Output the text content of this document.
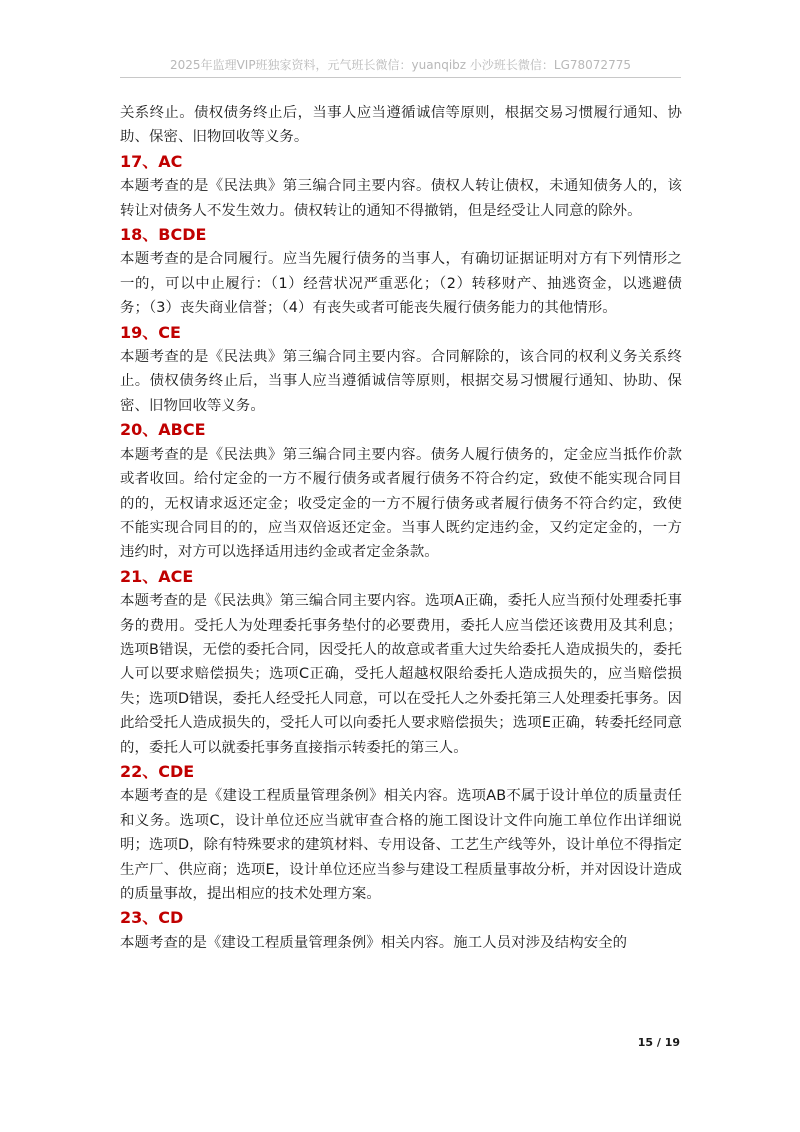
2025年监理VIP班独家资料，元气班长微信：yuanqibz 小沙班长微信：LG78072775

关系终止。债权债务终止后，当事人应当遵循诚信等原则，根据交易习惯履行通知、协助、保密、旧物回收等义务。

17、AC

本题考查的是《民法典》第三编合同主要内容。债权人转让债权，未通知债务人的，该转让对债务人不发生效力。债权转让的通知不得撤销，但是经受让人同意的除外。

18、BCDE

本题考查的是合同履行。应当先履行债务的当事人，有确切证据证明对方有下列情形之一的，可以中止履行：（1）经营状况严重恶化；（2）转移财产、抽逃资金，以逃避债务；（3）丧失商业信誉；（4）有丧失或者可能丧失履行债务能力的其他情形。

19、CE

本题考查的是《民法典》第三编合同主要内容。合同解除的，该合同的权利义务关系终止。债权债务终止后，当事人应当遵循诚信等原则，根据交易习惯履行通知、协助、保密、旧物回收等义务。

20、ABCE

本题考查的是《民法典》第三编合同主要内容。债务人履行债务的，定金应当抵作价款或者收回。给付定金的一方不履行债务或者履行债务不符合约定，致使不能实现合同目的的，无权请求返还定金；收受定金的一方不履行债务或者履行债务不符合约定，致使不能实现合同目的的，应当双倍返还定金。当事人既约定违约金，又约定定金的，一方违约时，对方可以选择适用违约金或者定金条款。

21、ACE

本题考查的是《民法典》第三编合同主要内容。选项A正确，委托人应当预付处理委托事务的费用。受托人为处理委托事务垫付的必要费用，委托人应当偿还该费用及其利息；选项B错误，无偿的委托合同，因受托人的故意或者重大过失给委托人造成损失的，委托人可以要求赔偿损失；选项C正确，受托人超越权限给委托人造成损失的，应当赔偿损失；选项D错误，委托人经受托人同意，可以在受托人之外委托第三人处理委托事务。因此给受托人造成损失的，受托人可以向委托人要求赔偿损失；选项E正确，转委托经同意的，委托人可以就委托事务直接指示转委托的第三人。

22、CDE

本题考查的是《建设工程质量管理条例》相关内容。选项AB不属于设计单位的质量责任和义务。选项C，设计单位还应当就审查合格的施工图设计文件向施工单位作出详细说明；选项D，除有特殊要求的建筑材料、专用设备、工艺生产线等外，设计单位不得指定生产厂、供应商；选项E，设计单位还应当参与建设工程质量事故分析，并对因设计造成的质量事故，提出相应的技术处理方案。

23、CD

本题考查的是《建设工程质量管理条例》相关内容。施工人员对涉及结构安全的

15 / 19
